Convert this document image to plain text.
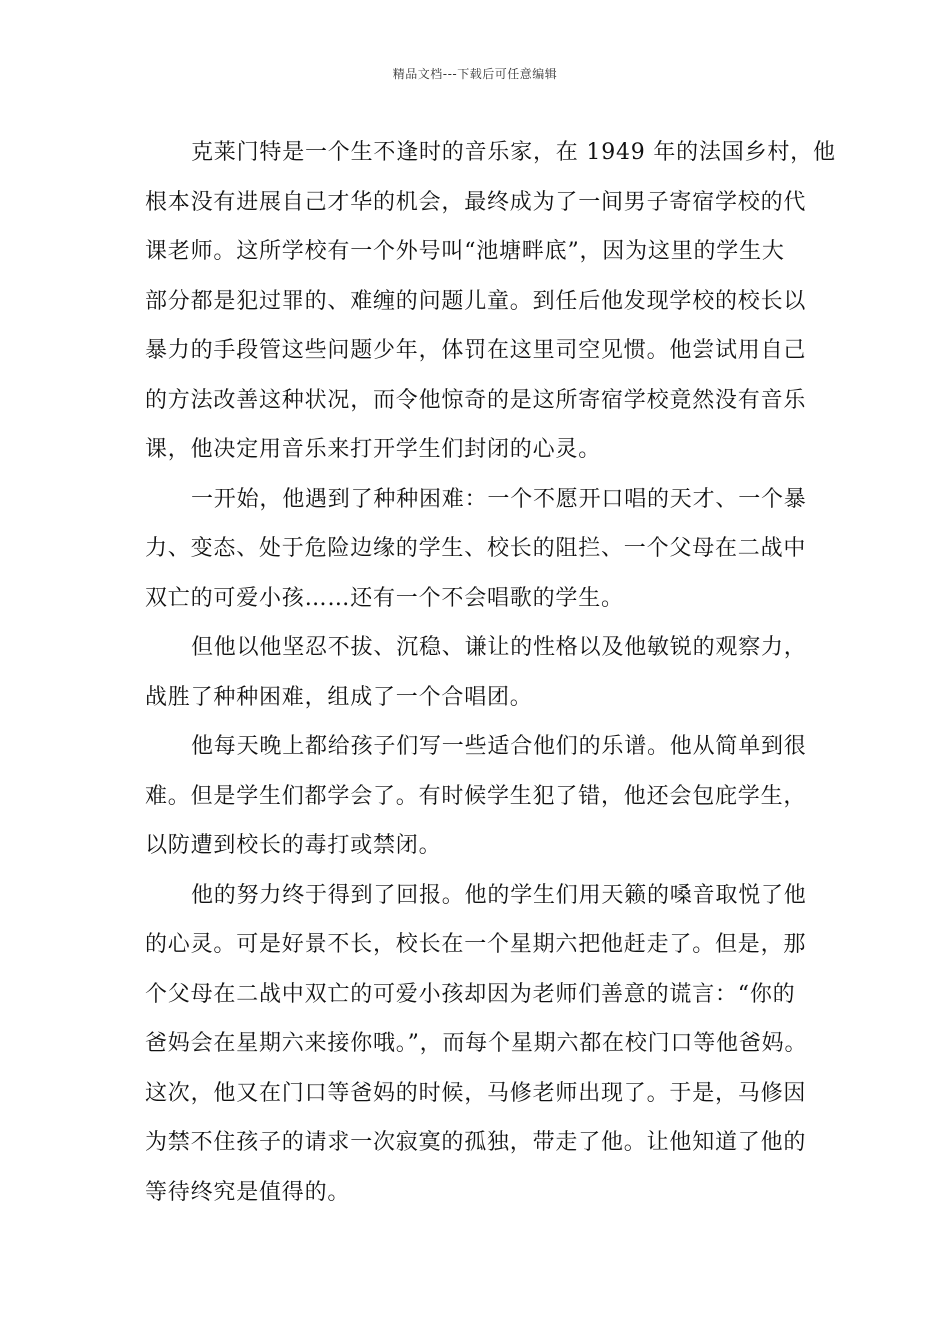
精品文档---下载后可任意编辑

克莱门特是一个生不逢时的音乐家，在 1949 年的法国乡村，他
根本没有进展自己才华的机会，最终成为了一间男子寄宿学校的代
课老师。这所学校有一个外号叫“池塘畔底”，因为这里的学生大
部分都是犯过罪的、难缠的问题儿童。到任后他发现学校的校长以
暴力的手段管这些问题少年，体罚在这里司空见惯。他尝试用自己
的方法改善这种状况，而令他惊奇的是这所寄宿学校竟然没有音乐
课，他决定用音乐来打开学生们封闭的心灵。

一开始，他遇到了种种困难：一个不愿开口唱的天才、一个暴
力、变态、处于危险边缘的学生、校长的阻拦、一个父母在二战中
双亡的可爱小孩……还有一个不会唱歌的学生。

但他以他坚忍不拔、沉稳、谦让的性格以及他敏锐的观察力，
战胜了种种困难，组成了一个合唱团。

他每天晚上都给孩子们写一些适合他们的乐谱。他从简单到很
难。但是学生们都学会了。有时候学生犯了错，他还会包庇学生，
以防遭到校长的毒打或禁闭。

他的努力终于得到了回报。他的学生们用天籁的嗓音取悦了他
的心灵。可是好景不长，校长在一个星期六把他赶走了。但是，那
个父母在二战中双亡的可爱小孩却因为老师们善意的谎言：“你的
爸妈会在星期六来接你哦。”，而每个星期六都在校门口等他爸妈。
这次，他又在门口等爸妈的时候，马修老师出现了。于是，马修因
为禁不住孩子的请求一次寂寞的孤独，带走了他。让他知道了他的
等待终究是值得的。
